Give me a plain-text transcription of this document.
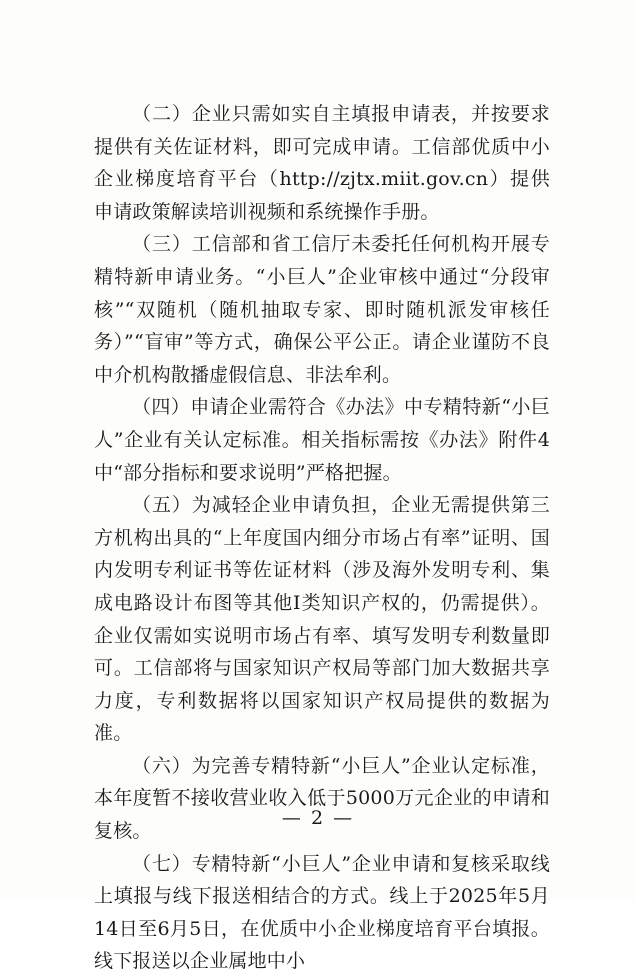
（二）企业只需如实自主填报申请表，并按要求提供有关佐证材料，即可完成申请。工信部优质中小企业梯度培育平台（http://zjtx.miit.gov.cn）提供申请政策解读培训视频和系统操作手册。

（三）工信部和省工信厅未委托任何机构开展专精特新申请业务。“小巨人”企业审核中通过“分段审核”“双随机（随机抽取专家、即时随机派发审核任务）”“盲审”等方式，确保公平公正。请企业谨防不良中介机构散播虚假信息、非法牟利。

（四）申请企业需符合《办法》中专精特新“小巨人”企业有关认定标准。相关指标需按《办法》附件4中“部分指标和要求说明”严格把握。

（五）为减轻企业申请负担，企业无需提供第三方机构出具的“上年度国内细分市场占有率”证明、国内发明专利证书等佐证材料（涉及海外发明专利、集成电路设计布图等其他Ⅰ类知识产权的，仍需提供）。企业仅需如实说明市场占有率、填写发明专利数量即可。工信部将与国家知识产权局等部门加大数据共享力度，专利数据将以国家知识产权局提供的数据为准。

（六）为完善专精特新“小巨人”企业认定标准，本年度暂不接收营业收入低于5000万元企业的申请和复核。

（七）专精特新“小巨人”企业申请和复核采取线上填报与线下报送相结合的方式。线上于2025年5月14日至6月5日，在优质中小企业梯度培育平台填报。线下报送以企业属地中小

— 2 —
